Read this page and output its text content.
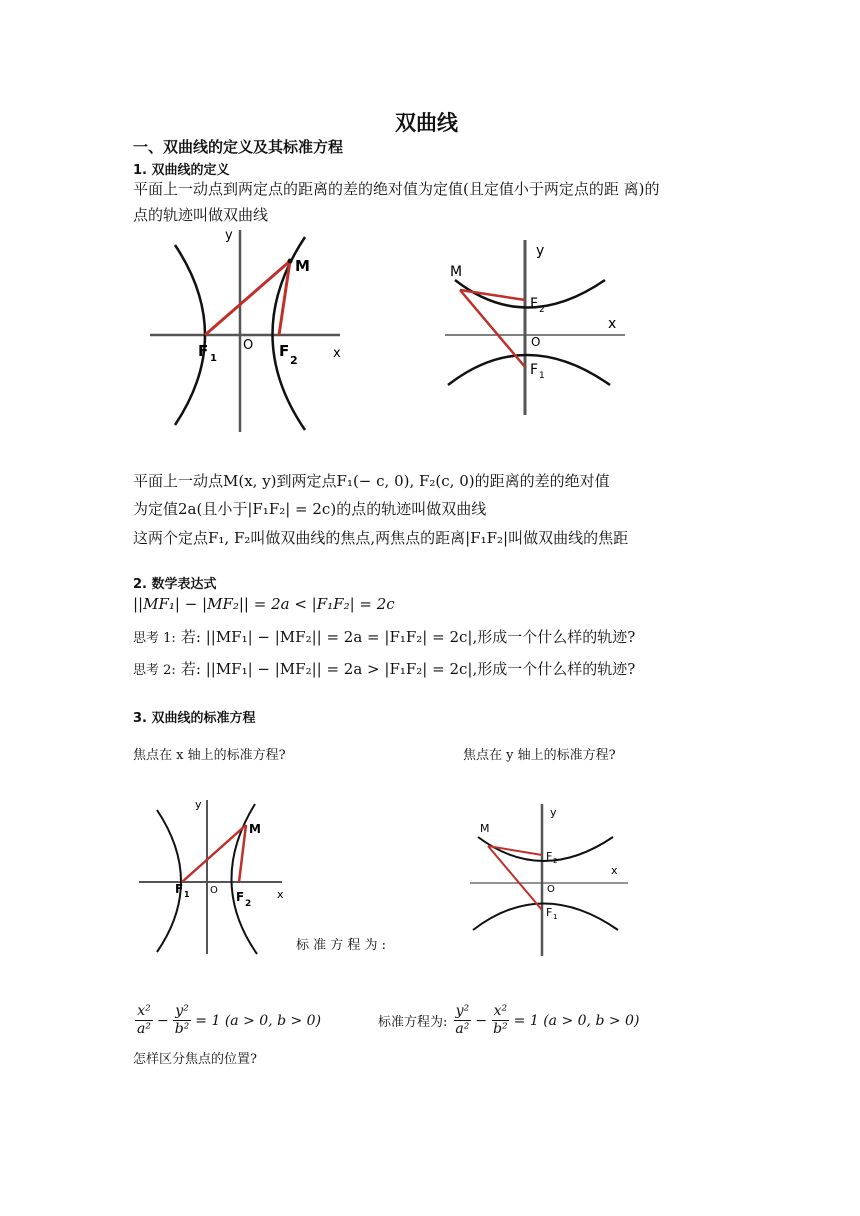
双曲线
一、双曲线的定义及其标准方程
1. 双曲线的定义
平面上一动点到两定点的距离的差的绝对值为定值(且定值小于两定点的距 离)的
点的轨迹叫做双曲线
y
x
M
O
F 1	F
2
y
x
M
O
F 2
F 1
平面上一动点M(x, y)到两定点F₁(− c, 0), F₂(c, 0)的距离的差的绝对值
为定值2a(且小于|F₁F₂| = 2c)的点的轨迹叫做双曲线
这两个定点F₁, F₂叫做双曲线的焦点,两焦点的距离|F₁F₂|叫做双曲线的焦距
2. 数学表达式
||MF₁| − |MF₂|| = 2a < |F₁F₂| = 2c
思考 1: 若: ||MF₁| − |MF₂|| = 2a = |F₁F₂| = 2c|,形成一个什么样的轨迹?
思考 2: 若: ||MF₁| − |MF₂|| = 2a > |F₁F₂| = 2c|,形成一个什么样的轨迹?
3. 双曲线的标准方程
焦点在 x 轴上的标准方程?	焦点在 y 轴上的标准方程?
y
x
M
O
F 1	F 2
标 准 方 程 为 :
y
x
M
O
F 2
F 1
$\frac{\text{x²}}{\text{a²}} - \frac{\text{y²}}{\text{b²}} = 1$ (a > 0, b > 0)	标准方程为: $\frac{\text{y²}}{\text{a²}} - \frac{\text{x²}}{\text{b²}} = 1$ (a > 0, b > 0)
怎样区分焦点的位置?
